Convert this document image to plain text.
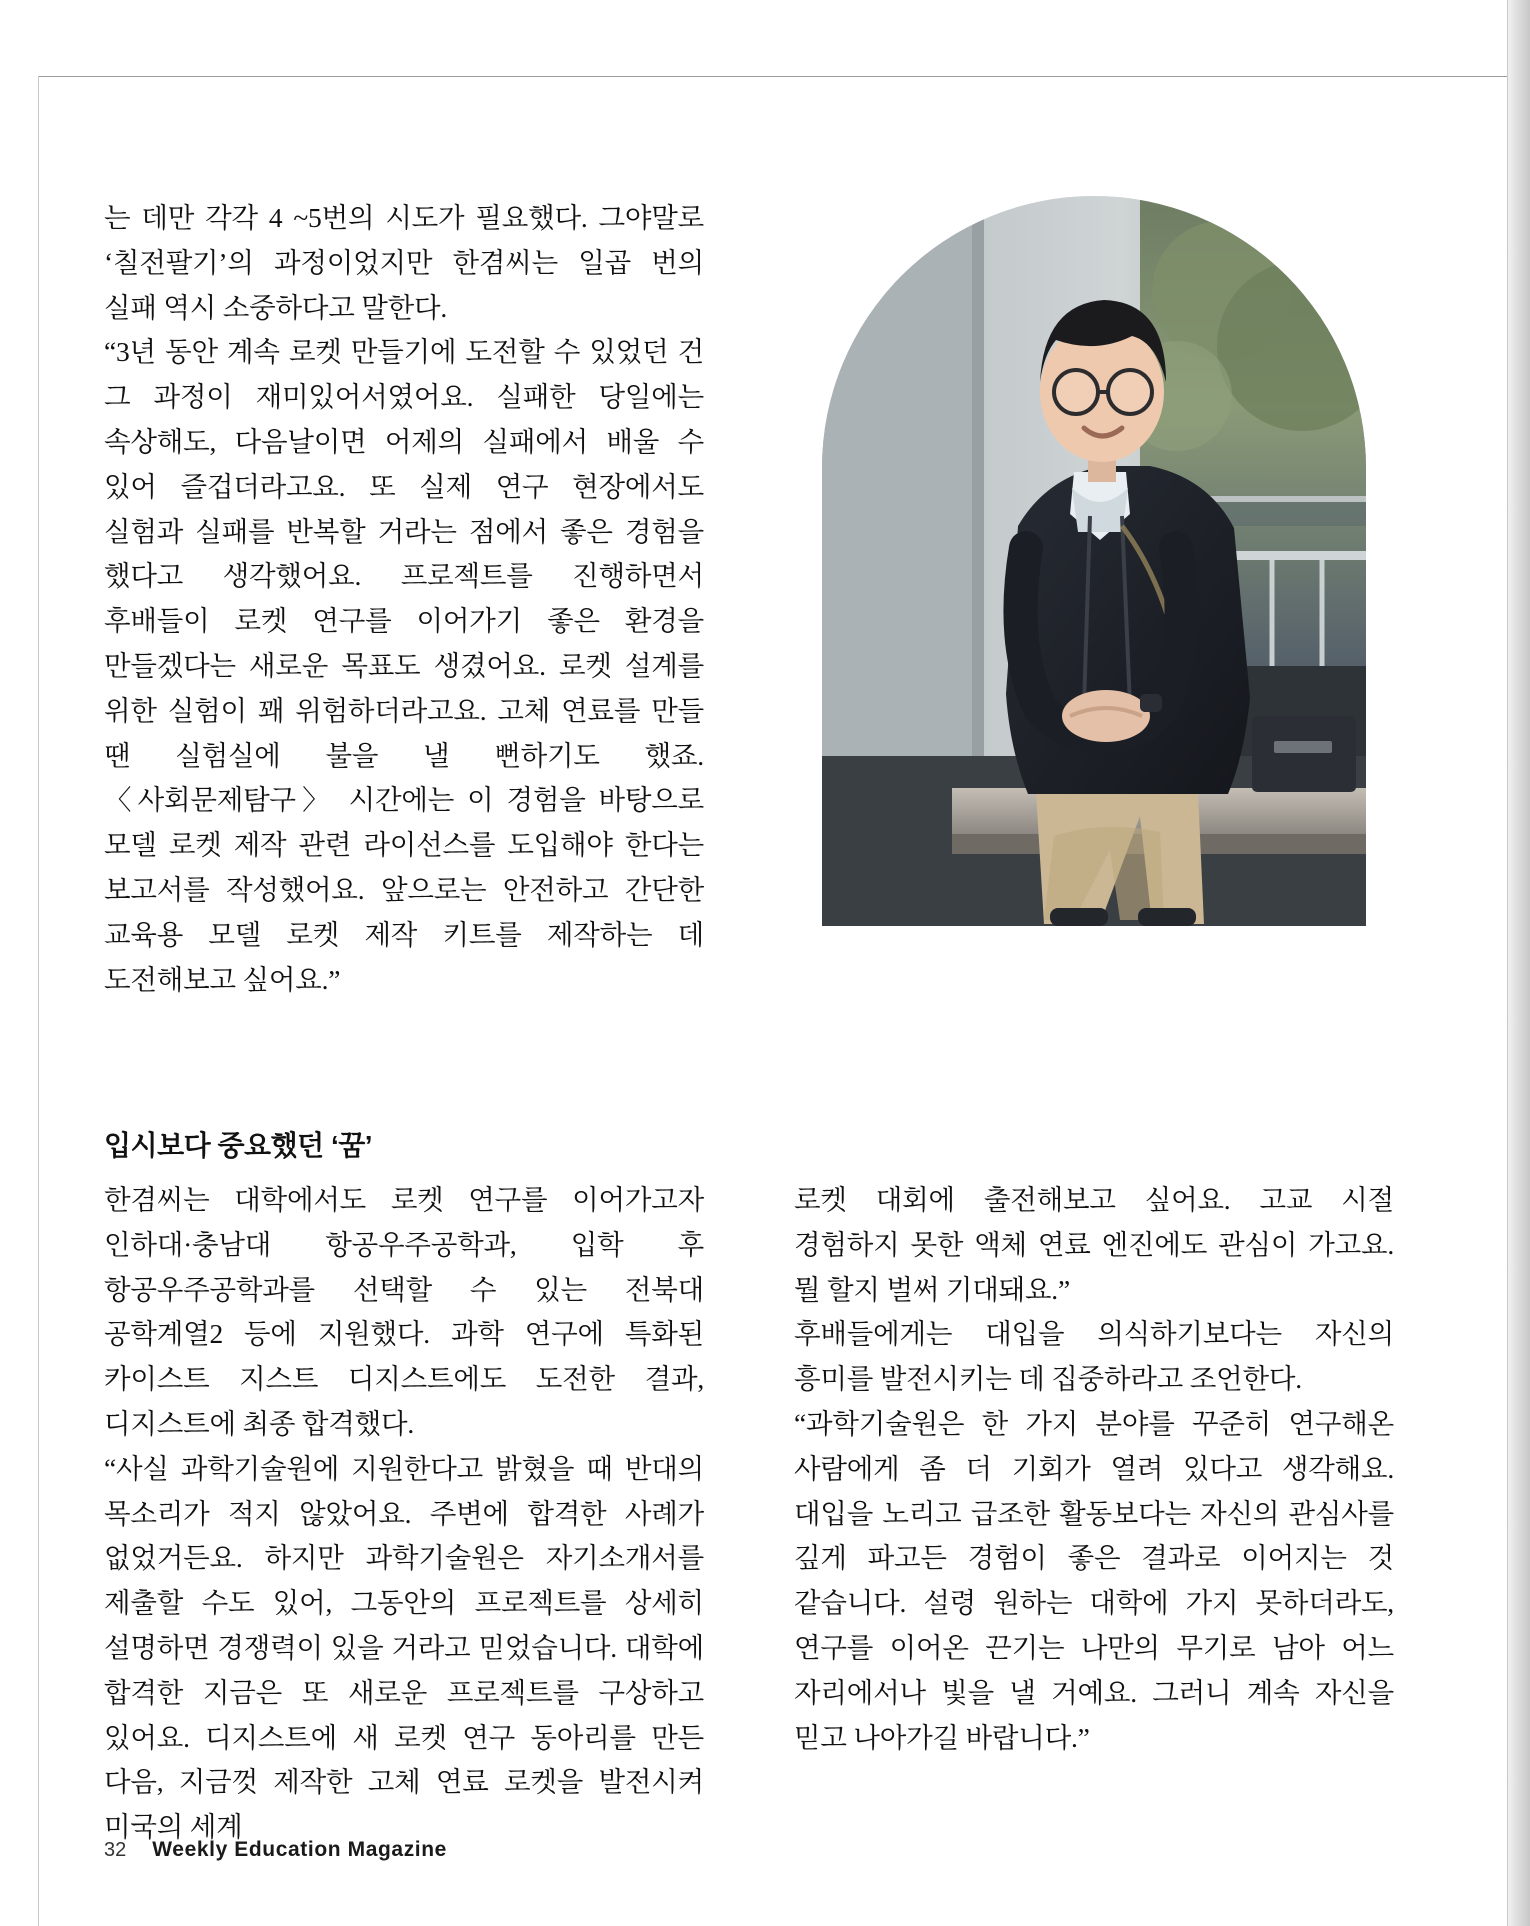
는 데만 각각 4 ~5번의 시도가 필요했다. 그야말로 ‘칠전팔기’의 과정이었지만 한겸씨는 일곱 번의 실패 역시 소중하다고 말한다.

“3년 동안 계속 로켓 만들기에 도전할 수 있었던 건 그 과정이 재미있어서였어요. 실패한 당일에는 속상해도, 다음날이면 어제의 실패에서 배울 수 있어 즐겁더라고요. 또 실제 연구 현장에서도 실험과 실패를 반복할 거라는 점에서 좋은 경험을 했다고 생각했어요. 프로젝트를 진행하면서 후배들이 로켓 연구를 이어가기 좋은 환경을 만들겠다는 새로운 목표도 생겼어요. 로켓 설계를 위한 실험이 꽤 위험하더라고요. 고체 연료를 만들 땐 실험실에 불을 낼 뻔하기도 했죠. 〈사회문제탐구〉 시간에는 이 경험을 바탕으로 모델 로켓 제작 관련 라이선스를 도입해야 한다는 보고서를 작성했어요. 앞으로는 안전하고 간단한 교육용 모델 로켓 제작 키트를 제작하는 데 도전해보고 싶어요.”

입시보다 중요했던 ‘꿈’

한겸씨는 대학에서도 로켓 연구를 이어가고자 인하대·충남대 항공우주공학과, 입학 후 항공우주공학과를 선택할 수 있는 전북대 공학계열2 등에 지원했다. 과학 연구에 특화된 카이스트 지스트 디지스트에도 도전한 결과, 디지스트에 최종 합격했다.

“사실 과학기술원에 지원한다고 밝혔을 때 반대의 목소리가 적지 않았어요. 주변에 합격한 사례가 없었거든요. 하지만 과학기술원은 자기소개서를 제출할 수도 있어, 그동안의 프로젝트를 상세히 설명하면 경쟁력이 있을 거라고 믿었습니다. 대학에 합격한 지금은 또 새로운 프로젝트를 구상하고 있어요. 디지스트에 새 로켓 연구 동아리를 만든 다음, 지금껏 제작한 고체 연료 로켓을 발전시켜 미국의 세계

로켓 대회에 출전해보고 싶어요. 고교 시절 경험하지 못한 액체 연료 엔진에도 관심이 가고요. 뭘 할지 벌써 기대돼요.”

후배들에게는 대입을 의식하기보다는 자신의 흥미를 발전시키는 데 집중하라고 조언한다.

“과학기술원은 한 가지 분야를 꾸준히 연구해온 사람에게 좀 더 기회가 열려 있다고 생각해요. 대입을 노리고 급조한 활동보다는 자신의 관심사를 깊게 파고든 경험이 좋은 결과로 이어지는 것 같습니다. 설령 원하는 대학에 가지 못하더라도, 연구를 이어온 끈기는 나만의 무기로 남아 어느 자리에서나 빛을 낼 거예요. 그러니 계속 자신을 믿고 나아가길 바랍니다.”

32 Weekly Education Magazine
